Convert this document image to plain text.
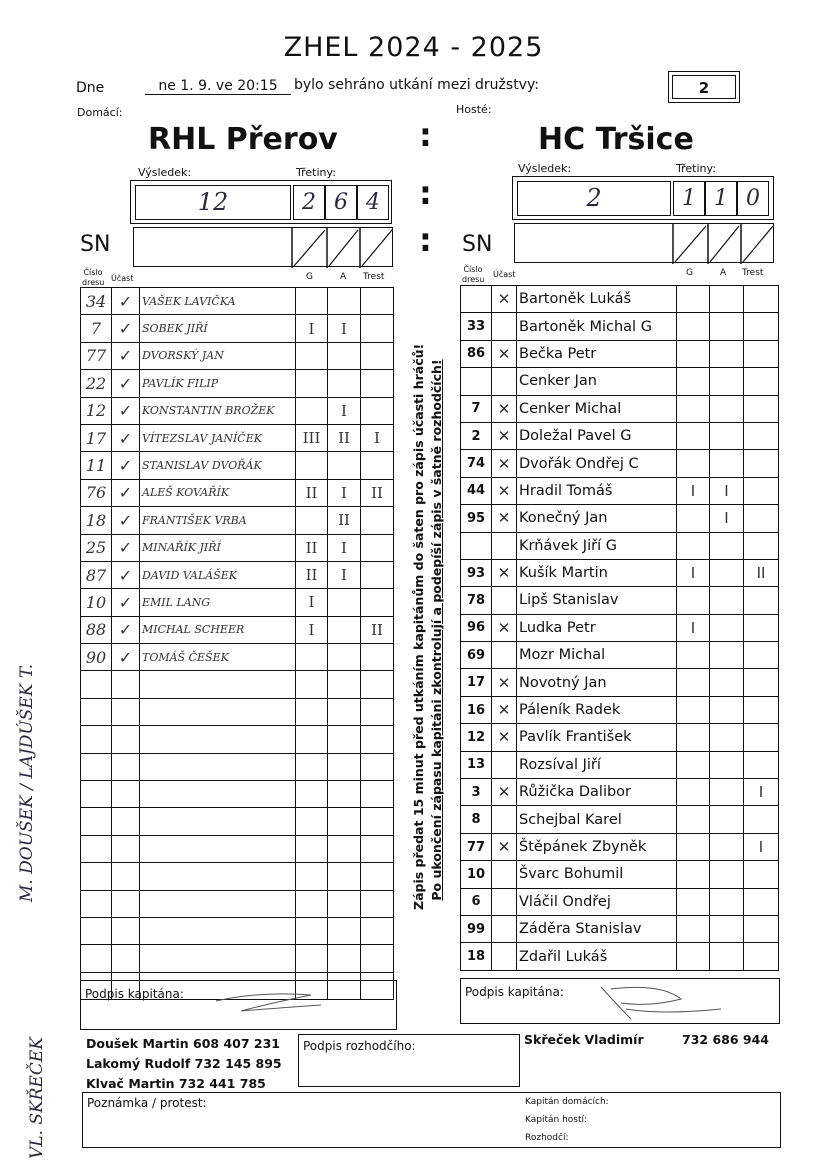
ZHEL 2024 - 2025
Dne	ne 1. 9. ve 20:15	bylo sehráno utkání mezi družstvy:	2
Domácí:	Hosté:
RHL Přerov	HC Tršice
:
:
:
Výsledek:	Třetiny:
12	2 6 4
Výsledek:	Třetiny:
2	1 1 0
SN	SN
Číslo dresu Účast	G	A Trest
Číslo dresu
Účast	G	A Trest
34	✓	VAŠEK LAVIČKA			
7	✓	SOBEK JIŘÍ	I	I	
77	✓	DVORSKÝ JAN			
22	✓	PAVLÍK FILIP			
12	✓	KONSTANTIN BROŽEK		I	
17	✓	VÍTEZSLAV JANÍČEK	III	II	I
11	✓	STANISLAV DVOŘÁK			
76	✓	ALEŠ KOVAŘÍK	II	I	II
18	✓	FRANTIŠEK VRBA		II	
25	✓	MINAŘÍK JIŘÍ	II	I	
87	✓	DAVID VALÁŠEK	II	I	
10	✓	EMIL LANG	I		
88	✓	MICHAL SCHEER	I		II
90	✓	TOMÁŠ ČEŠEK			

	✕	Bartoněk Lukáš			
33		Bartoněk Michal G			
86	✕	Bečka Petr			
		Cenker Jan			
7	✕	Cenker Michal			
2	✕	Doležal Pavel G			
74	✕	Dvořák Ondřej C			
44	✕	Hradil Tomáš	I	I	
95	✕	Konečný Jan		I	
		Krňávek Jiří G			
93	✕	Kušík Martin	I		II
78		Lipš Stanislav			
96	✕	Ludka Petr	I		
69		Mozr Michal			
17	✕	Novotný Jan			
16	✕	Páleník Radek			
12	✕	Pavlík František			
13		Rozsíval Jiří			
3	✕	Růžička Dalibor			I
8		Schejbal Karel			
77	✕	Štěpánek Zbyněk			I
10		Švarc Bohumil			
6		Vláčil Ondřej			
99		Záděra Stanislav			
18		Zdařil Lukáš			
Zápis předat 15 minut před utkáním kapitánům do šaten pro zápis účasti hráčů! Po ukončení zápasu kapitáni zkontrolují a podepíší zápis v šatně rozhodčích!
Podpis kapitána:	Podpis kapitána:
Doušek Martin 608 407 231
Lakomý Rudolf 732 145 895
Klvač Martin 732 441 785
Podpis rozhodčího:	Skřeček Vladimír	732 686 944
Poznámka / protest:	Kapitán domácích:
Kapitán hostí:
Rozhodčí:
M. DOUŠEK / LAJDÚŠEK T.
VL. SKŘEČEK
